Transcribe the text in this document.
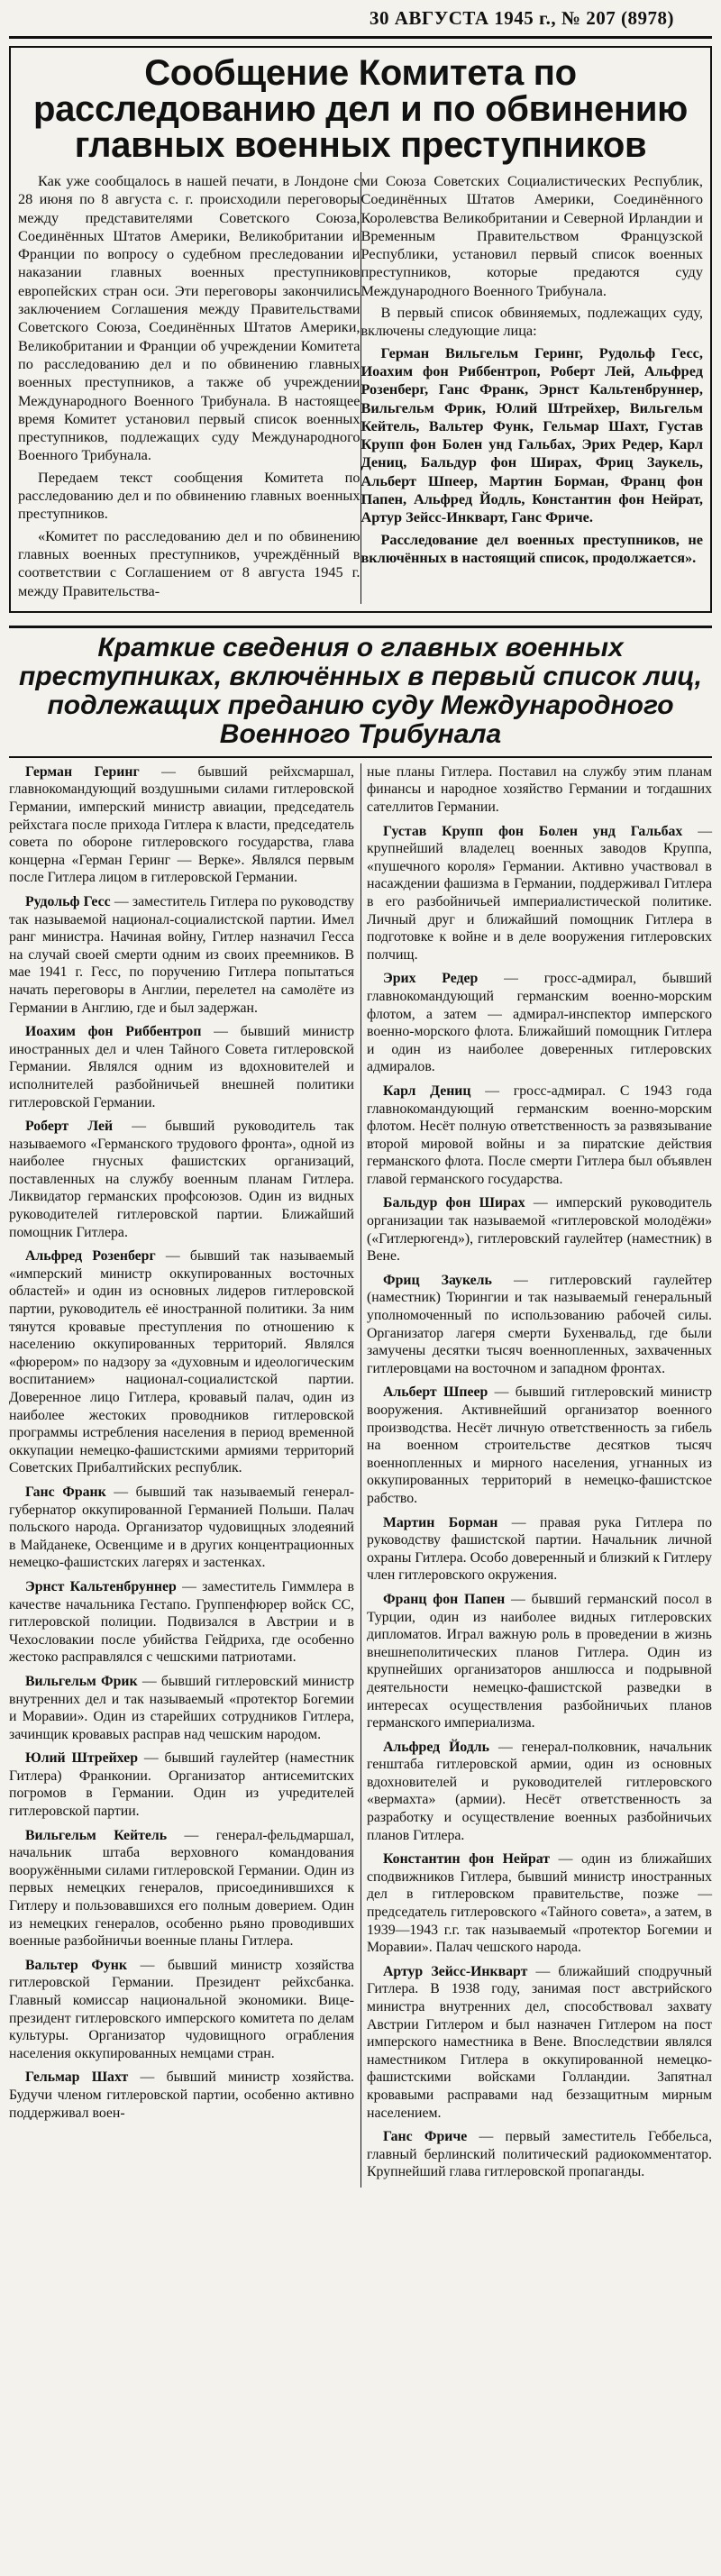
30 АВГУСТА 1945 г., № 207 (8978)
Сообщение Комитета по расследованию дел и по обвинению главных военных преступников

Как уже сообщалось в нашей печати, в Лондоне с 28 июня по 8 августа с. г. происходили переговоры между представителями Советского Союза, Соединённых Штатов Америки, Великобритании и Франции по вопросу о судебном преследовании и наказании главных военных преступников европейских стран оси. Эти переговоры закончились заключением Соглашения между Правительствами Советского Союза, Соединённых Штатов Америки, Великобритании и Франции об учреждении Комитета по расследованию дел и по обвинению главных военных преступников, а также об учреждении Международного Военного Трибунала. В настоящее время Комитет установил первый список военных преступников, подлежащих суду Международного Военного Трибунала.

Передаем текст сообщения Комитета по расследованию дел и по обвинению главных военных преступников.

«Комитет по расследованию дел и по обвинению главных военных преступников, учреждённый в соответствии с Соглашением от 8 августа 1945 г. между Правительства-

ми Союза Советских Социалистических Республик, Соединённых Штатов Америки, Соединённого Королевства Великобритании и Северной Ирландии и Временным Правительством Французской Республики, установил первый список военных преступников, которые предаются суду Международного Военного Трибунала.

В первый список обвиняемых, подлежащих суду, включены следующие лица:

Герман Вильгельм Геринг, Рудольф Гесс, Иоахим фон Риббентроп, Роберт Лей, Альфред Розенберг, Ганс Франк, Эрнст Кальтенбруннер, Вильгельм Фрик, Юлий Штрейхер, Вильгельм Кейтель, Вальтер Функ, Гельмар Шахт, Густав Крупп фон Болен унд Гальбах, Эрих Редер, Карл Дениц, Бальдур фон Ширах, Фриц Заукель, Альберт Шпеер, Мартин Борман, Франц фон Папен, Альфред Йодль, Константин фон Нейрат, Артур Зейсс-Инкварт, Ганс Фриче.

Расследование дел военных преступников, не включённых в настоящий список, продолжается».

Краткие сведения о главных военных преступниках, включённых в первый список лиц, подлежащих преданию суду Международного Военного Трибунала

Герман Геринг — бывший рейхсмаршал, главнокомандующий воздушными силами гитлеровской Германии, имперский министр авиации, председатель рейхстага после прихода Гитлера к власти, председатель совета по обороне гитлеровского государства, глава концерна «Герман Геринг — Верке». Являлся первым после Гитлера лицом в гитлеровской Германии.

Рудольф Гесс — заместитель Гитлера по руководству так называемой национал-социалистской партии. Имел ранг министра. Начиная войну, Гитлер назначил Гесса на случай своей смерти одним из своих преемников. В мае 1941 г. Гесс, по поручению Гитлера попытаться начать переговоры в Англии, перелетел на самолёте из Германии в Англию, где и был задержан.

Иоахим фон Риббентроп — бывший министр иностранных дел и член Тайного Совета гитлеровской Германии. Являлся одним из вдохновителей и исполнителей разбойничьей внешней политики гитлеровской Германии.

Роберт Лей — бывший руководитель так называемого «Германского трудового фронта», одной из наиболее гнусных фашистских организаций, поставленных на службу военным планам Гитлера. Ликвидатор германских профсоюзов. Один из видных руководителей гитлеровской партии. Ближайший помощник Гитлера.

Альфред Розенберг — бывший так называемый «имперский министр оккупированных восточных областей» и один из основных лидеров гитлеровской партии, руководитель её иностранной политики. За ним тянутся кровавые преступления по отношению к населению оккупированных территорий. Являлся «фюрером» по надзору за «духовным и идеологическим воспитанием» национал-социалистской партии. Доверенное лицо Гитлера, кровавый палач, один из наиболее жестоких проводников гитлеровской программы истребления населения в период временной оккупации немецко-фашистскими армиями территорий Советских Прибалтийских республик.

Ганс Франк — бывший так называемый генерал-губернатор оккупированной Германией Польши. Палач польского народа. Организатор чудовищных злодеяний в Майданеке, Освенциме и в других концентрационных немецко-фашистских лагерях и застенках.

Эрнст Кальтенбруннер — заместитель Гиммлера в качестве начальника Гестапо. Группенфюрер войск СС, гитлеровской полиции. Подвизался в Австрии и в Чехословакии после убийства Гейдриха, где особенно жестоко расправлялся с чешскими патриотами.

Вильгельм Фрик — бывший гитлеровский министр внутренних дел и так называемый «протектор Богемии и Моравии». Один из старейших сотрудников Гитлера, зачинщик кровавых расправ над чешским народом.

Юлий Штрейхер — бывший гаулейтер (наместник Гитлера) Франконии. Организатор антисемитских погромов в Германии. Один из учредителей гитлеровской партии.

Вильгельм Кейтель — генерал-фельдмаршал, начальник штаба верховного командования вооружёнными силами гитлеровской Германии. Один из первых немецких генералов, присоединившихся к Гитлеру и пользовавшихся его полным доверием. Один из немецких генералов, особенно рьяно проводивших военные разбойничьи военные планы Гитлера.

Вальтер Функ — бывший министр хозяйства гитлеровской Германии. Президент рейхсбанка. Главный комиссар национальной экономики. Вице-президент гитлеровского имперского комитета по делам культуры. Организатор чудовищного ограбления населения оккупированных немцами стран.

Гельмар Шахт — бывший министр хозяйства. Будучи членом гитлеровской партии, особенно активно поддерживал воен-

ные планы Гитлера. Поставил на службу этим планам финансы и народное хозяйство Германии и тогдашних сателлитов Германии.

Густав Крупп фон Болен унд Гальбах — крупнейший владелец военных заводов Круппа, «пушечного короля» Германии. Активно участвовал в насаждении фашизма в Германии, поддерживал Гитлера в его разбойничьей империалистической политике. Личный друг и ближайший помощник Гитлера в подготовке к войне и в деле вооружения гитлеровских полчищ.

Эрих Редер — гросс-адмирал, бывший главнокомандующий германским военно-морским флотом, а затем — адмирал-инспектор имперского военно-морского флота. Ближайший помощник Гитлера и один из наиболее доверенных гитлеровских адмиралов.

Карл Дениц — гросс-адмирал. С 1943 года главнокомандующий германским военно-морским флотом. Несёт полную ответственность за развязывание второй мировой войны и за пиратские действия германского флота. После смерти Гитлера был объявлен главой германского государства.

Бальдур фон Ширах — имперский руководитель организации так называемой «гитлеровской молодёжи» («Гитлерюгенд»), гитлеровский гаулейтер (наместник) в Вене.

Фриц Заукель — гитлеровский гаулейтер (наместник) Тюрингии и так называемый генеральный уполномоченный по использованию рабочей силы. Организатор лагеря смерти Бухенвальд, где были замучены десятки тысяч военнопленных, захваченных гитлеровцами на восточном и западном фронтах.

Альберт Шпеер — бывший гитлеровский министр вооружения. Активнейший организатор военного производства. Несёт личную ответственность за гибель на военном строительстве десятков тысяч военнопленных и мирного населения, угнанных из оккупированных территорий в немецко-фашистское рабство.

Мартин Борман — правая рука Гитлера по руководству фашистской партии. Начальник личной охраны Гитлера. Особо доверенный и близкий к Гитлеру член гитлеровского окружения.

Франц фон Папен — бывший германский посол в Турции, один из наиболее видных гитлеровских дипломатов. Играл важную роль в проведении в жизнь внешнеполитических планов Гитлера. Один из крупнейших организаторов аншлюсса и подрывной деятельности немецко-фашистской разведки в интересах осуществления разбойничьих планов германского империализма.

Альфред Йодль — генерал-полковник, начальник генштаба гитлеровской армии, один из основных вдохновителей и руководителей гитлеровского «вермахта» (армии). Несёт ответственность за разработку и осуществление военных разбойничьих планов Гитлера.

Константин фон Нейрат — один из ближайших сподвижников Гитлера, бывший министр иностранных дел в гитлеровском правительстве, позже — председатель гитлеровского «Тайного совета», а затем, в 1939—1943 г.г. так называемый «протектор Богемии и Моравии». Палач чешского народа.

Артур Зейсс-Инкварт — ближайший сподручный Гитлера. В 1938 году, занимая пост австрийского министра внутренних дел, способствовал захвату Австрии Гитлером и был назначен Гитлером на пост имперского наместника в Вене. Впоследствии являлся наместником Гитлера в оккупированной немецко-фашистскими войсками Голландии. Запятнал кровавыми расправами над беззащитным мирным населением.

Ганс Фриче — первый заместитель Геббельса, главный берлинский политический радиокомментатор. Крупнейший глава гитлеровской пропаганды.
